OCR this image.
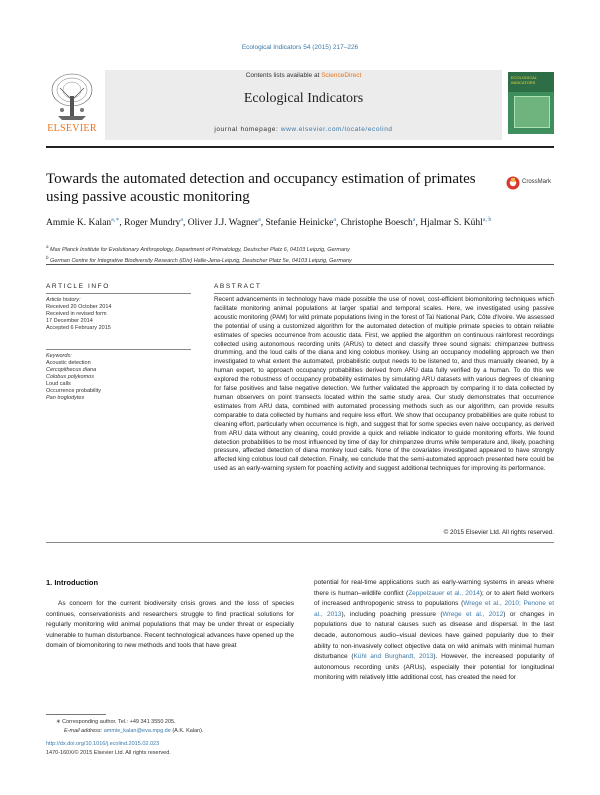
Ecological Indicators 54 (2015) 217–226
ELSEVIER
Contents lists available at ScienceDirect
Ecological Indicators
journal homepage: www.elsevier.com/locate/ecolind
ECOLOGICAL INDICATORS
Towards the automated detection and occupancy estimation of primates using passive acoustic monitoring
CrossMark
Ammie K. Kalan$^{a,∗}$, Roger Mundry$^a$, Oliver J.J. Wagner$^a$, Stefanie Heinicke$^a$, Christophe Boesch$^a$, Hjalmar S. Kühl$^{a, b}$
$^a$ Max Planck Institute for Evolutionary Anthropology, Department of Primatology, Deutscher Platz 6, 04103 Leipzig, Germany
$^b$ German Centre for Integrative Biodiversity Research (iDiv) Halle-Jena-Leipzig, Deutscher Platz 5e, 04103 Leipzig, Germany
ARTICLE INFO
Article history:
Received 20 October 2014
Received in revised form
17 December 2014
Accepted 6 February 2015
Keywords:
Acoustic detection
Cercopithecus diana
Colobus polykomos
Loud calls
Occurrence probability
Pan troglodytes
ABSTRACT
Recent advancements in technology have made possible the use of novel, cost-efficient biomonitoring techniques which facilitate monitoring animal populations at larger spatial and temporal scales. Here, we investigated using passive acoustic monitoring (PAM) for wild primate populations living in the forest of Taï National Park, Côte d'Ivoire. We assessed the potential of using a customized algorithm for the automated detection of multiple primate species to obtain reliable estimates of species occurrence from acoustic data. First, we applied the algorithm on continuous rainforest recordings collected using autonomous recording units (ARUs) to detect and classify three sound signals: chimpanzee buttress drumming, and the loud calls of the diana and king colobus monkey. Using an occupancy modelling approach we then investigated to what extent the automated, probabilistic output needs to be listened to, and thus manually cleaned, by a human expert, to approach occupancy probabilities derived from ARU data fully verified by a human. To do this we explored the robustness of occupancy probability estimates by simulating ARU datasets with various degrees of cleaning for false positives and false negative detection. We further validated the approach by comparing it to data collected by human observers on point transects located within the same study area. Our study demonstrates that occurrence estimates from ARU data, combined with automated processing methods such as our algorithm, can provide results comparable to data collected by humans and require less effort. We show that occupancy probabilities are quite robust to cleaning effort, particularly when occurrence is high, and suggest that for some species even naive occupancy, as derived from ARU data without any cleaning, could provide a quick and reliable indicator to guide monitoring efforts. We found detection probabilities to be most influenced by time of day for chimpanzee drums while temperature and, likely, poaching pressure, affected detection of diana monkey loud calls. None of the covariates investigated appeared to have strongly affected king colobus loud call detection. Finally, we conclude that the semi-automated approach presented here could be used as an early-warning system for poaching activity and suggest additional techniques for improving its performance.
© 2015 Elsevier Ltd. All rights reserved.
1. Introduction
As concern for the current biodiversity crisis grows and the loss of species continues, conservationists and researchers struggle to find practical solutions for regularly monitoring wild animal populations that may be under threat or especially vulnerable to human disturbance. Recent technological advances have opened up the domain of biomonitoring to new methods and tools that have great
potential for real-time applications such as early-warning systems in areas where there is human–wildlife conflict (Zeppelzauer et al., 2014); or to alert field workers of increased anthropogenic stress to populations (Wrege et al., 2010; Penone et al., 2013), including poaching pressure (Wrege et al., 2012) or changes in populations due to natural causes such as disease and dispersal. In the last decade, autonomous audio–visual devices have gained popularity due to their ability to non-invasively collect objective data on wild animals with minimal human disturbance (Kühl and Burghardt, 2013). However, the increased popularity of autonomous recording units (ARUs), especially their potential for longitudinal monitoring with relatively little additional cost, has created the need for
∗ Corresponding author. Tel.: +49 341 3550 205.
E-mail address: ammie_kalan@eva.mpg.de (A.K. Kalan).
http://dx.doi.org/10.1016/j.ecolind.2015.02.023
1470-160X/© 2015 Elsevier Ltd. All rights reserved.
